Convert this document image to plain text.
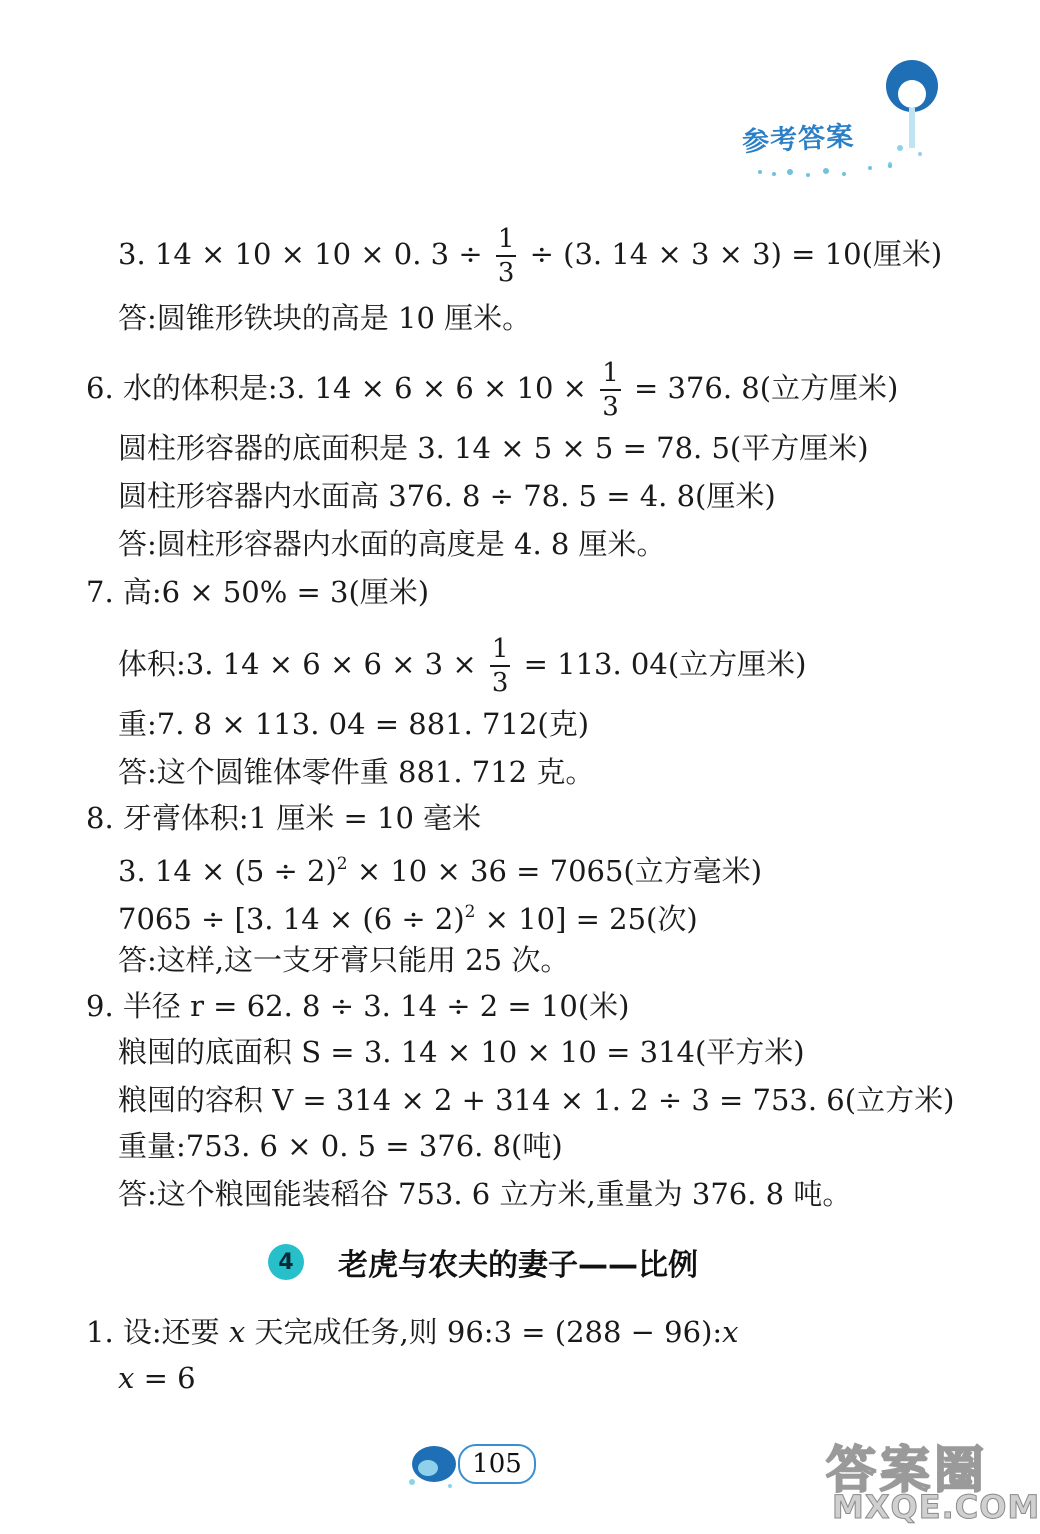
参考答案
3. 14 × 10 × 10 × 0. $3 \div \frac{1}{3} \div (3$. 14 × 3 × 3) = 10(厘米)
答:圆锥形铁块的高是 10 厘米。
6. 水的体积是:3. $14 \times 6 \times 6 \times 10 \times \frac{1}{3} = 376$. 8(立方厘米)
圆柱形容器的底面积是 3. 14 × 5 × 5 = 78. 5(平方厘米)
圆柱形容器内水面高 376. 8 ÷ 78. 5 = 4. 8(厘米)
答:圆柱形容器内水面的高度是 4. 8 厘米。
7. 高:6 × 50% = 3(厘米)
体积:3. $14 \times 6 \times 6 \times 3 \times \frac{1}{3} = 113$. 04(立方厘米)
重:7. 8 × 113. 04 = 881. 712(克)
答:这个圆锥体零件重 881. 712 克。
8. 牙膏体积:1 厘米 = 10 毫米
3. $14 \times (5 \div 2)^2 \times 10 \times 36 = 7065$(立方毫米)
7065 ÷ [3. $14 \times (6 \div 2)^2 \times 10] = 25$(次)
答:这样,这一支牙膏只能用 25 次。
9. 半径 r = 62. 8 ÷ 3. 14 ÷ 2 = 10(米)
粮囤的底面积 S = 3. 14 × 10 × 10 = 314(平方米)
粮囤的容积 V = 314 × 2 + 314 × 1. 2 ÷ 3 = 753. 6(立方米)
重量:753. 6 × 0. 5 = 376. 8(吨)
答:这个粮囤能装稻谷 753. 6 立方米,重量为 376. 8 吨。
4	老虎与农夫的妻子——比例
1. 设:还要 x 天完成任务,则 96:3 = (288 − 96):x
x = 6
105	答案圈
MXQE.COM
